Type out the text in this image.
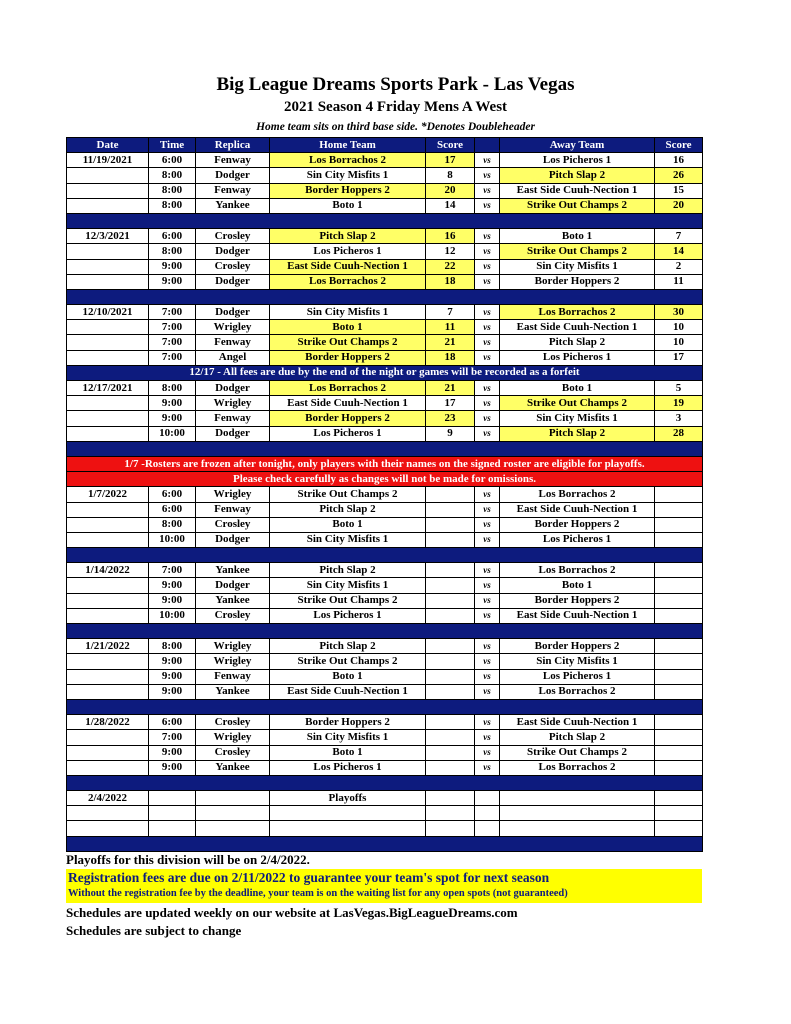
Big League Dreams Sports Park - Las Vegas
2021 Season 4 Friday Mens A West
Home team sits on third base side. *Denotes Doubleheader
Date	Time	Replica	Home Team	Score		Away Team	Score
11/19/2021	6:00	Fenway	Los Borrachos 2	17	vs	Los Picheros 1	16
	8:00	Dodger	Sin City Misfits 1	8	vs	Pitch Slap 2	26
	8:00	Fenway	Border Hoppers 2	20	vs	East Side Cuuh-Nection 1	15
	8:00	Yankee	Boto 1	14	vs	Strike Out Champs 2	20

12/3/2021	6:00	Crosley	Pitch Slap 2	16	vs	Boto 1	7
	8:00	Dodger	Los Picheros 1	12	vs	Strike Out Champs 2	14
	9:00	Crosley	East Side Cuuh-Nection 1	22	vs	Sin City Misfits 1	2
	9:00	Dodger	Los Borrachos 2	18	vs	Border Hoppers 2	11

12/10/2021	7:00	Dodger	Sin City Misfits 1	7	vs	Los Borrachos 2	30
	7:00	Wrigley	Boto 1	11	vs	East Side Cuuh-Nection 1	10
	7:00	Fenway	Strike Out Champs 2	21	vs	Pitch Slap 2	10
	7:00	Angel	Border Hoppers 2	18	vs	Los Picheros 1	17
12/17 - All fees are due by the end of the night or games will be recorded as a forfeit							
12/17/2021	8:00	Dodger	Los Borrachos 2	21	vs	Boto 1	5
	9:00	Wrigley	East Side Cuuh-Nection 1	17	vs	Strike Out Champs 2	19
	9:00	Fenway	Border Hoppers 2	23	vs	Sin City Misfits 1	3
	10:00	Dodger	Los Picheros 1	9	vs	Pitch Slap 2	28

1/7 -Rosters are frozen after tonight, only players with their names on the signed roster are eligible for playoffs.							
Please check carefully as changes will not be made for omissions.							
1/7/2022	6:00	Wrigley	Strike Out Champs 2		vs	Los Borrachos 2	
	6:00	Fenway	Pitch Slap 2		vs	East Side Cuuh-Nection 1	
	8:00	Crosley	Boto 1		vs	Border Hoppers 2	
	10:00	Dodger	Sin City Misfits 1		vs	Los Picheros 1	

1/14/2022	7:00	Yankee	Pitch Slap 2		vs	Los Borrachos 2	
	9:00	Dodger	Sin City Misfits 1		vs	Boto 1	
	9:00	Yankee	Strike Out Champs 2		vs	Border Hoppers 2	
	10:00	Crosley	Los Picheros 1		vs	East Side Cuuh-Nection 1	

1/21/2022	8:00	Wrigley	Pitch Slap 2		vs	Border Hoppers 2	
	9:00	Wrigley	Strike Out Champs 2		vs	Sin City Misfits 1	
	9:00	Fenway	Boto 1		vs	Los Picheros 1	
	9:00	Yankee	East Side Cuuh-Nection 1		vs	Los Borrachos 2	

1/28/2022	6:00	Crosley	Border Hoppers 2		vs	East Side Cuuh-Nection 1	
	7:00	Wrigley	Sin City Misfits 1		vs	Pitch Slap 2	
	9:00	Crosley	Boto 1		vs	Strike Out Champs 2	
	9:00	Yankee	Los Picheros 1		vs	Los Borrachos 2	

2/4/2022			Playoffs				

Playoffs for this division will be on 2/4/2022.
Registration fees are due on 2/11/2022 to guarantee your team's spot for next season
Without the registration fee by the deadline, your team is on the waiting list for any open spots (not guaranteed)
Schedules are updated weekly on our website at LasVegas.BigLeagueDreams.com
Schedules are subject to change
